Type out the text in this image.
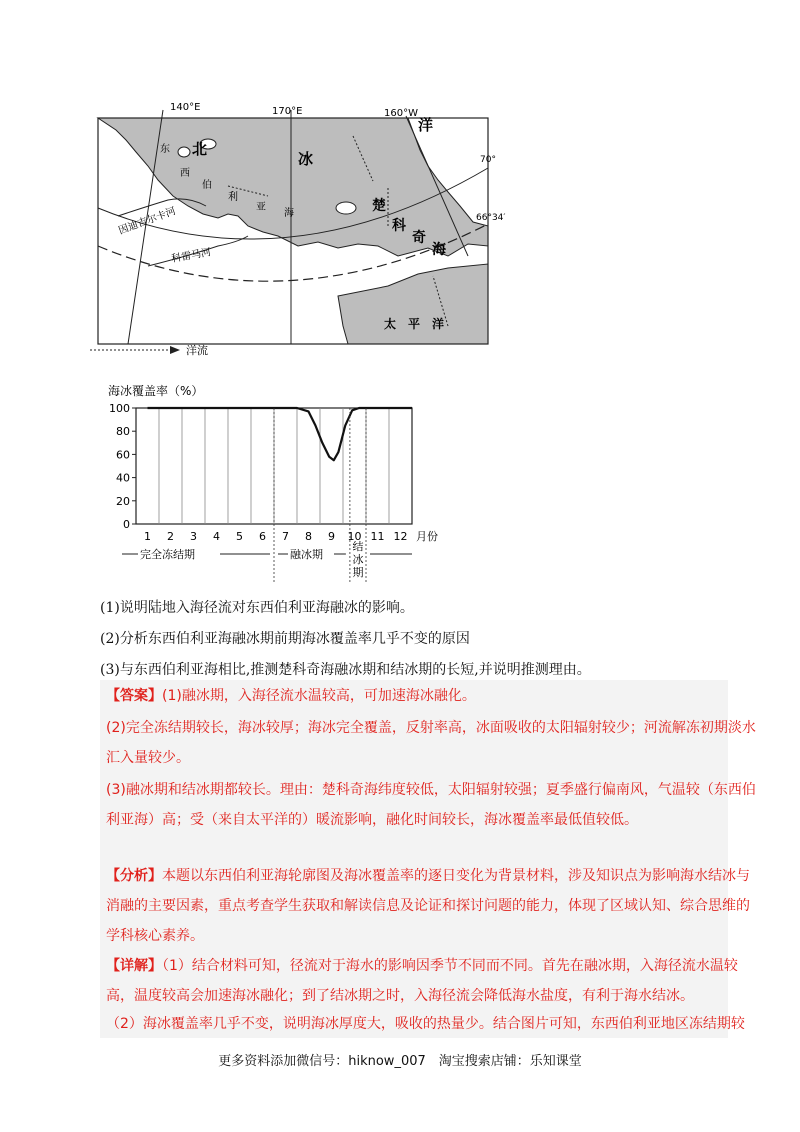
140°E	170°E	160°W
70°
66°34′
北
冰
洋
东
西
伯
利
亚
海	楚
科
奇
海
因迪吉尔卡河
科雷马河
太 平 洋
洋流
海冰覆盖率（%）
0
20
40
60
80
100
1 2 3 4 5 6 7 8 9 10 11 12 月份
完全冻结期	融冰期
结
冰
期
(1)说明陆地入海径流对东西伯利亚海融冰的影响。
(2)分析东西伯利亚海融冰期前期海冰覆盖率几乎不变的原因
(3)与东西伯利亚海相比,推测楚科奇海融冰期和结冰期的长短,并说明推测理由。
【答案】(1)融冰期，入海径流水温较高，可加速海冰融化。
(2)完全冻结期较长，海冰较厚；海冰完全覆盖，反射率高，冰面吸收的太阳辐射较少；河流解冻初期淡水
汇入量较少。
(3)融冰期和结冰期都较长。理由：楚科奇海纬度较低，太阳辐射较强；夏季盛行偏南风，气温较（东西伯
利亚海）高；受（来自太平洋的）暖流影响，融化时间较长，海冰覆盖率最低值较低。
【分析】本题以东西伯利亚海轮廓图及海冰覆盖率的逐日变化为背景材料，涉及知识点为影响海水结冰与
消融的主要因素，重点考查学生获取和解读信息及论证和探讨问题的能力，体现了区域认知、综合思维的
学科核心素养。
【详解】（1）结合材料可知，径流对于海水的影响因季节不同而不同。首先在融冰期，入海径流水温较
高，温度较高会加速海冰融化；到了结冰期之时，入海径流会降低海水盐度，有利于海水结冰。
（2）海冰覆盖率几乎不变，说明海冰厚度大，吸收的热量少。结合图片可知，东西伯利亚地区冻结期较
更多资料添加微信号：hiknow_007　淘宝搜索店铺：乐知课堂
